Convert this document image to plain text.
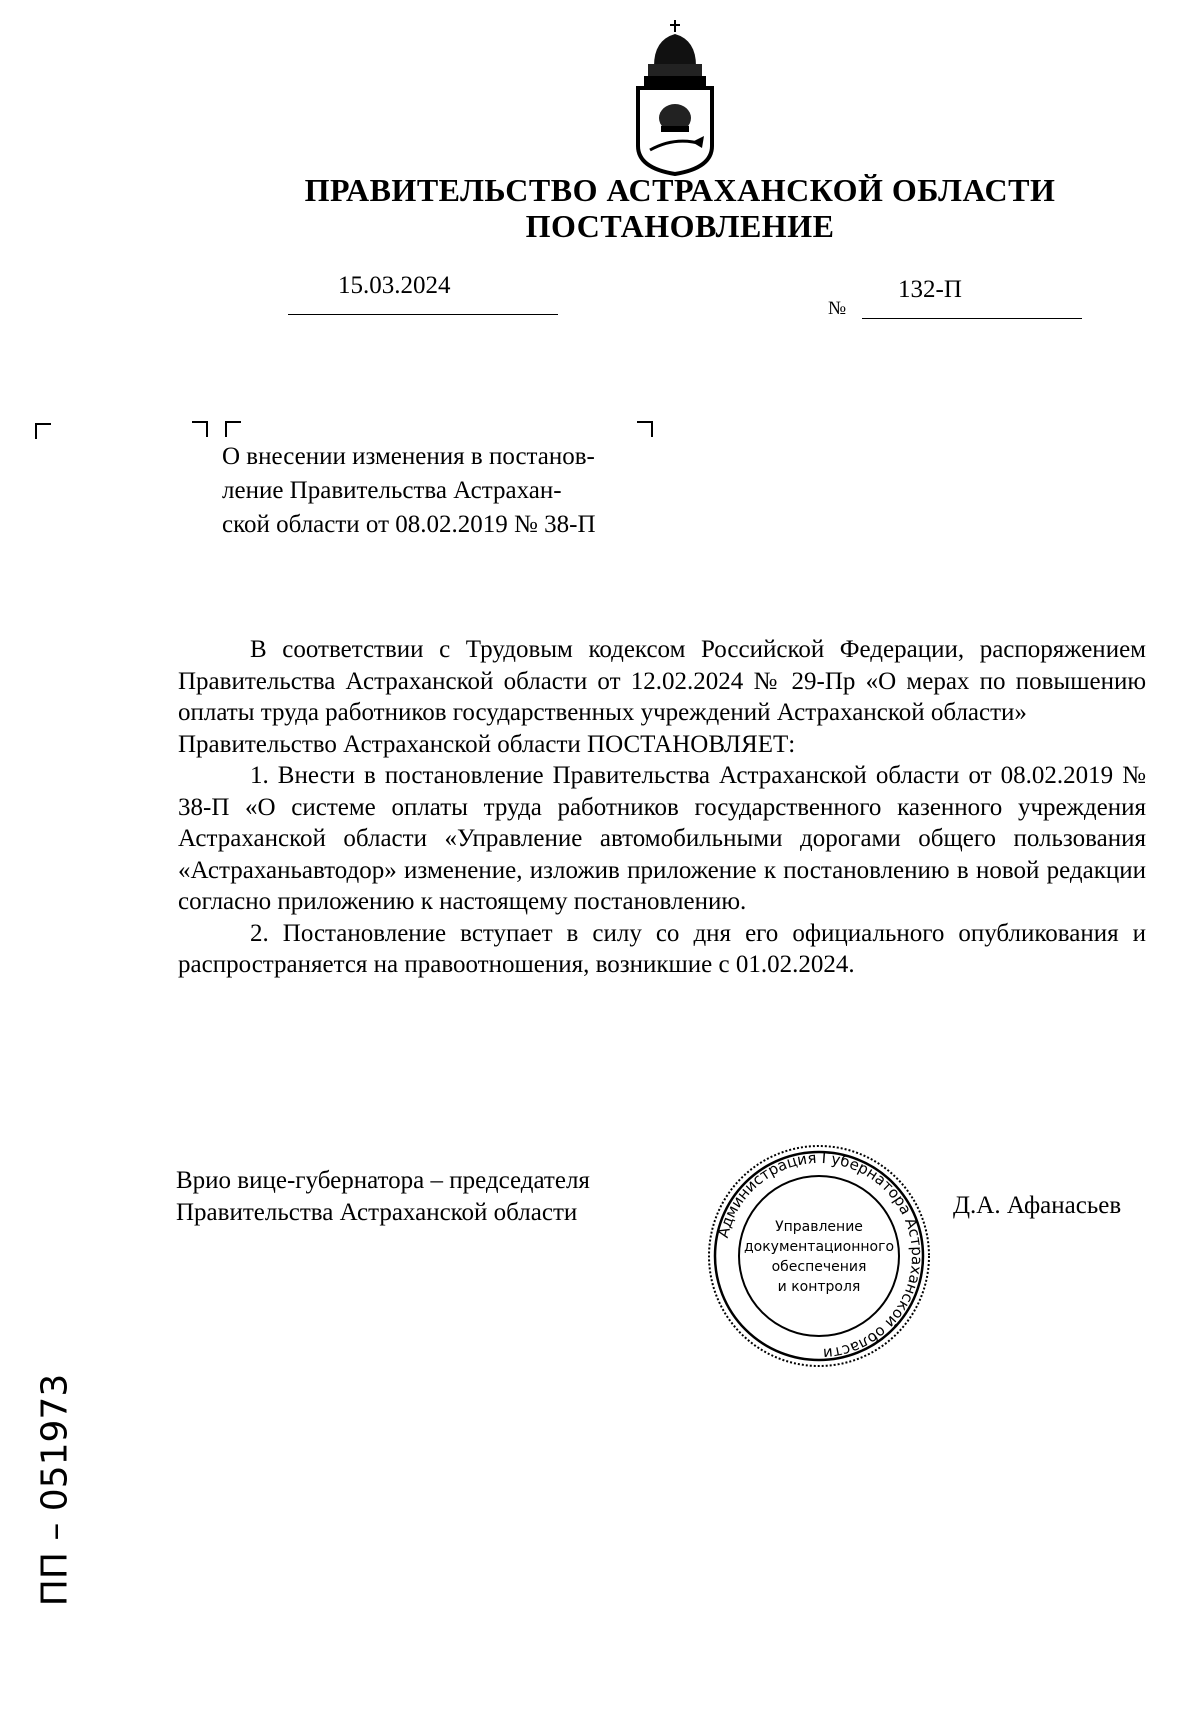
ПРАВИТЕЛЬСТВО АСТРАХАНСКОЙ ОБЛАСТИ
ПОСТАНОВЛЕНИЕ
15.03.2024
№
132-П
О внесении изменения в постанов-
ление Правительства Астрахан-
ской области от 08.02.2019 № 38-П

В соответствии с Трудовым кодексом Российской Федерации, распоряжением Правительства Астраханской области от 12.02.2024 № 29-Пр «О мерах по повышению оплаты труда работников государственных учреждений Астраханской области»

Правительство Астраханской области ПОСТАНОВЛЯЕТ:

1. Внести в постановление Правительства Астраханской области от 08.02.2019 № 38-П «О системе оплаты труда работников государственного казенного учреждения Астраханской области «Управление автомобильными дорогами общего пользования «Астраханьавтодор» изменение, изложив приложение к постановлению в новой редакции согласно приложению к настоящему постановлению.

2. Постановление вступает в силу со дня его официального опубликования и распространяется на правоотношения, возникшие с 01.02.2024.

Врио вице-губернатора – председателя
Правительства Астраханской области
Администрация Губернатора Астраханской области
Управление
документационного
обеспечения
и контроля
Д.А. Афанасьев
ПП – 051973
